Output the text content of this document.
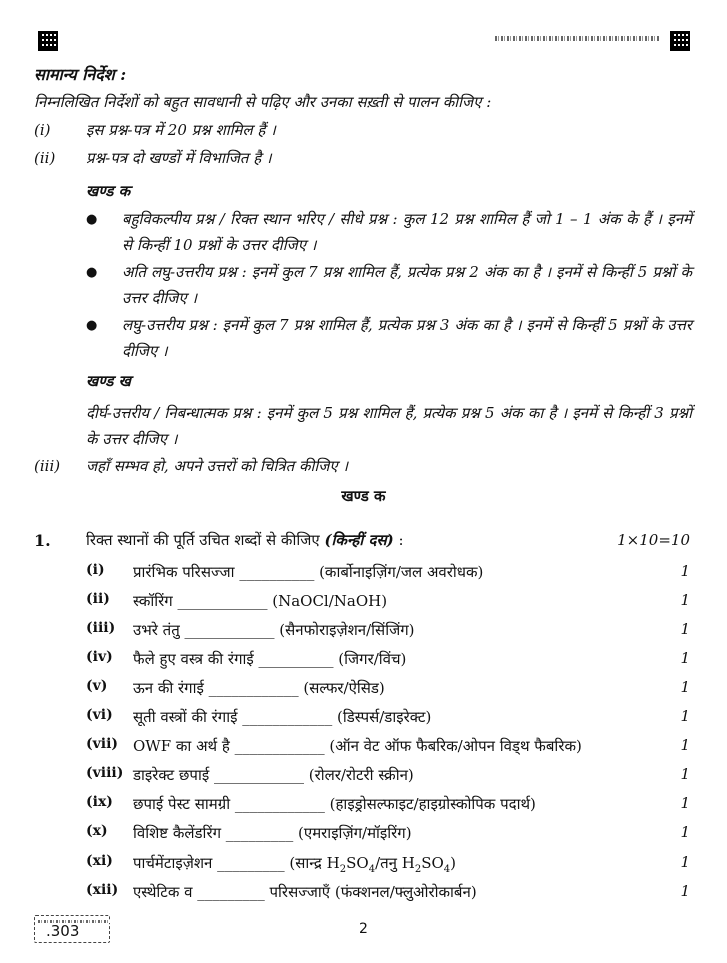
सामान्य निर्देश :
निम्नलिखित निर्देशों को बहुत सावधानी से पढ़िए और उनका सख़्ती से पालन कीजिए :
(i) इस प्रश्न-पत्र में 20 प्रश्न शामिल हैं ।
(ii) प्रश्न-पत्र दो खण्डों में विभाजित है ।
खण्ड क
● बहुविकल्पीय प्रश्न / रिक्त स्थान भरिए / सीधे प्रश्न : कुल 12 प्रश्न शामिल हैं जो 1 – 1 अंक के हैं । इनमें से किन्हीं 10 प्रश्नों के उत्तर दीजिए ।
● अति लघु-उत्तरीय प्रश्न : इनमें कुल 7 प्रश्न शामिल हैं, प्रत्येक प्रश्न 2 अंक का है । इनमें से किन्हीं 5 प्रश्नों के उत्तर दीजिए ।
● लघु-उत्तरीय प्रश्न : इनमें कुल 7 प्रश्न शामिल हैं, प्रत्येक प्रश्न 3 अंक का है । इनमें से किन्हीं 5 प्रश्नों के उत्तर दीजिए ।
खण्ड ख
दीर्घ-उत्तरीय / निबन्धात्मक प्रश्न : इनमें कुल 5 प्रश्न शामिल हैं, प्रत्येक प्रश्न 5 अंक का है । इनमें से किन्हीं 3 प्रश्नों के उत्तर दीजिए ।
(iii) जहाँ सम्भव हो, अपने उत्तरों को चित्रित कीजिए ।
खण्ड क
1. रिक्त स्थानों की पूर्ति उचित शब्दों से कीजिए (किन्हीं दस) :	1×10=10
(i) प्रारंभिक परिसज्जा __________ (कार्बोनाइज़िंग/जल अवरोधक)	1
(ii) स्कॉरिंग ____________ (NaOCl/NaOH)	1
(iii) उभरे तंतु ____________ (सैनफोराइज़ेशन/सिंजिंग)	1
(iv) फैले हुए वस्त्र की रंगाई __________ (जिगर/विंच)	1
(v) ऊन की रंगाई ____________ (सल्फर/ऐसिड)	1
(vi) सूती वस्त्रों की रंगाई ____________ (डिस्पर्स/डाइरेक्ट)	1
(vii) OWF का अर्थ है ____________ (ऑन वेट ऑफ फैबरिक/ओपन विड्थ फैबरिक)	1
(viii) डाइरेक्ट छपाई ____________ (रोलर/रोटरी स्क्रीन)	1
(ix) छपाई पेस्ट सामग्री ____________ (हाइड्रोसल्फाइट/हाइग्रोस्कोपिक पदार्थ)	1
(x) विशिष्ट कैलेंडरिंग _________ (एमराइज़िंग/मॉइरिंग)	1
(xi) पार्चमेंटाइज़ेशन _________ (सान्द्र $H_2SO_4/तनु$ $H_2SO_4$)	1
(xii) एस्थेटिक व _________ परिसज्जाएँ (फंक्शनल/फ्लुओरोकार्बन)	1
.303	2
